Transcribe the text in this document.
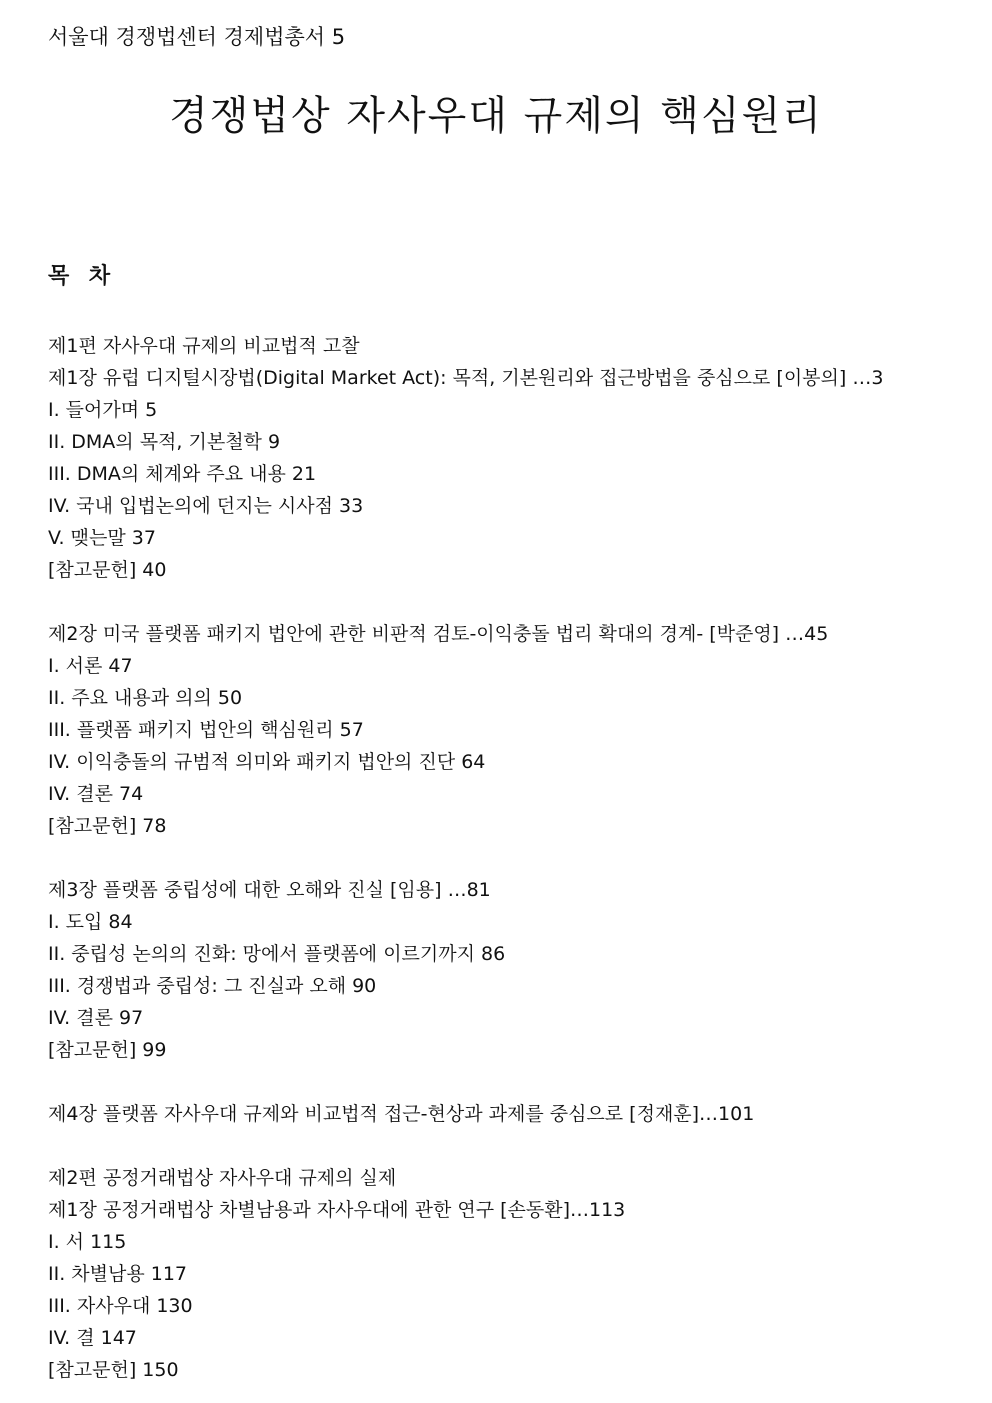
서울대 경쟁법센터 경제법총서 5
경쟁법상 자사우대 규제의 핵심원리
목 차
제1편 자사우대 규제의 비교법적 고찰
제1장 유럽 디지털시장법(Digital Market Act): 목적, 기본원리와 접근방법을 중심으로 [이봉의] …3
I. 들어가며 5
II. DMA의 목적, 기본철학 9
III. DMA의 체계와 주요 내용 21
IV. 국내 입법논의에 던지는 시사점 33
V. 맺는말 37
[참고문헌] 40
제2장 미국 플랫폼 패키지 법안에 관한 비판적 검토-이익충돌 법리 확대의 경계- [박준영] …45
I. 서론 47
II. 주요 내용과 의의 50
III. 플랫폼 패키지 법안의 핵심원리 57
IV. 이익충돌의 규범적 의미와 패키지 법안의 진단 64
IV. 결론 74
[참고문헌] 78
제3장 플랫폼 중립성에 대한 오해와 진실 [임용] …81
I. 도입 84
II. 중립성 논의의 진화: 망에서 플랫폼에 이르기까지 86
III. 경쟁법과 중립성: 그 진실과 오해 90
IV. 결론 97
[참고문헌] 99
제4장 플랫폼 자사우대 규제와 비교법적 접근-현상과 과제를 중심으로 [정재훈]…101
제2편 공정거래법상 자사우대 규제의 실제
제1장 공정거래법상 차별남용과 자사우대에 관한 연구 [손동환]…113
I. 서 115
II. 차별남용 117
III. 자사우대 130
IV. 결 147
[참고문헌] 150
